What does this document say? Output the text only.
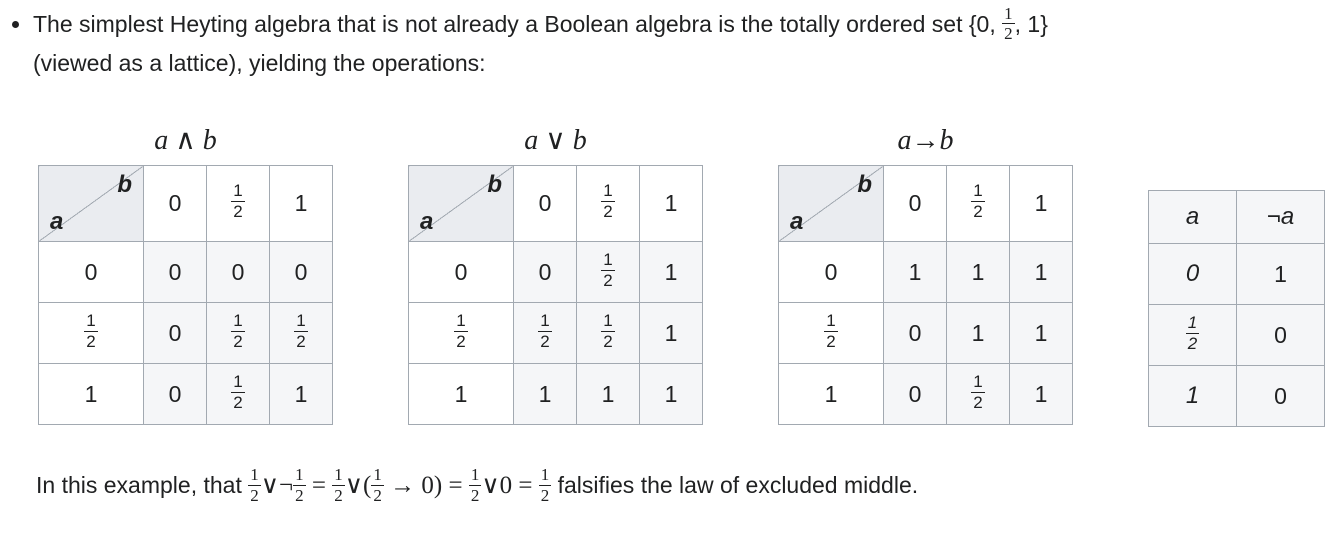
• The simplest Heyting algebra that is not already a Boolean algebra is the totally ordered set {0, $\frac{1}{2}$ , 1}
(viewed as a lattice), yielding the operations:
a ∧ b
b
a	0	$\frac{1}{2}$	1
0	0	0	0

$\frac{1}{2}$	0	$\frac{1}{2}$	$\frac{1}{2}$

1	0	$\frac{1}{2}$	1
a ∨ b
b
a	0	$\frac{1}{2}$	1
0	0	$\frac{1}{2}$	1

$\frac{1}{2}$	$\frac{1}{2}$	$\frac{1}{2}$	1
1	1	1	1
a→b
b
a	0	$\frac{1}{2}$	1
0	1	1	1

$\frac{1}{2}$	0	1	1
1	0	$\frac{1}{2}$	1
a	¬a
0	1

$\frac{1}{2}$	0
1	0
In this example, that $\frac{1}{2}$ ∨¬ $\frac{1}{2} = \frac{1}{2}$ ∨( $\frac{1}{2} \to 0) = \frac{1}{2}$ ∨0 = $\frac{1}{2}$ falsifies the law of excluded middle.
